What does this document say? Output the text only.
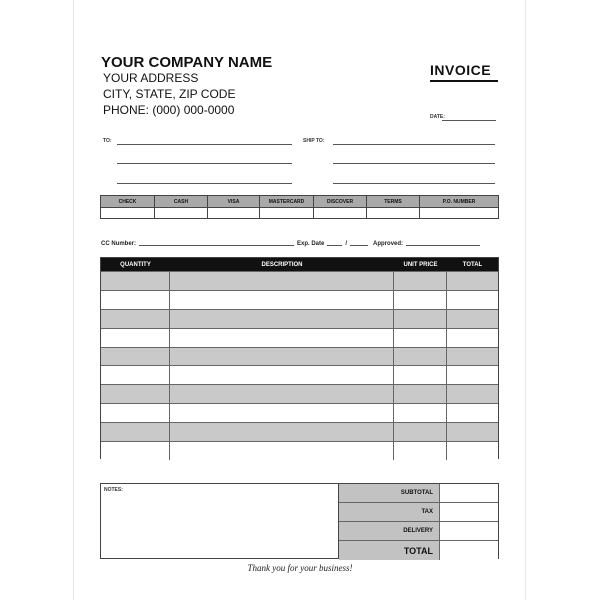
YOUR COMPANY NAME
YOUR ADDRESS
CITY, STATE, ZIP CODE
PHONE: (000) 000-0000
INVOICE
DATE:
TO:	SHIP TO:
CHECK	CASH	VISA	MASTERCARD	DISCOVER	TERMS	P.O. NUMBER
CC Number:	Exp. Date	/	Approved:
QUANTITY	DESCRIPTION	UNIT PRICE	TOTAL
NOTES:	SUBTOTAL
TAX
DELIVERY
TOTAL
Thank you for your business!
